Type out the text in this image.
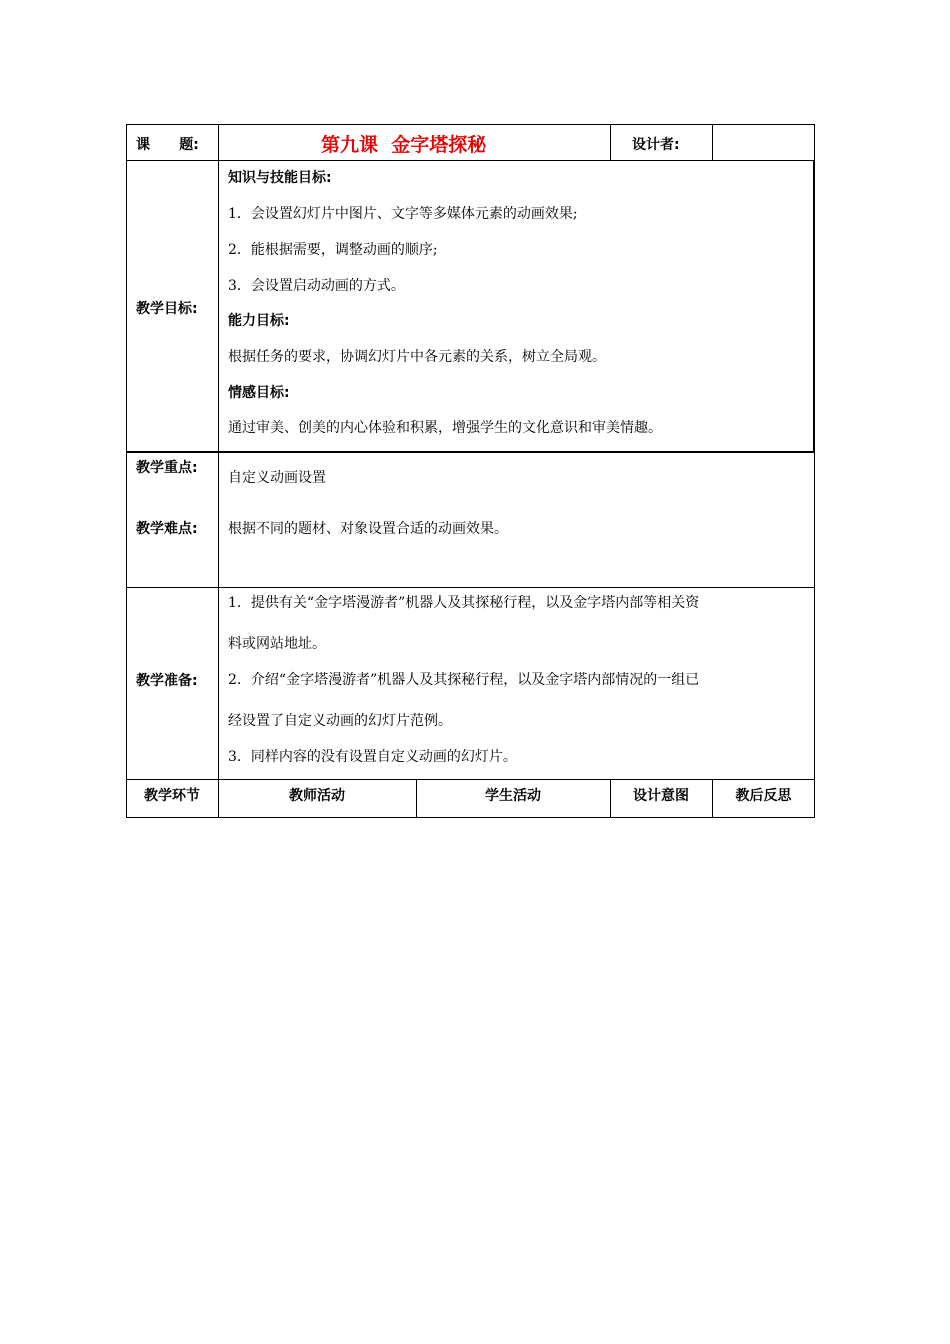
课      题:	第九课  金字塔探秘	设计者:
教学目标:
知识与技能目标:
1．会设置幻灯片中图片、文字等多媒体元素的动画效果;
2．能根据需要，调整动画的顺序;
3．会设置启动动画的方式。
能力目标:
根据任务的要求，协调幻灯片中各元素的关系，树立全局观。
情感目标:
通过审美、创美的内心体验和积累，增强学生的文化意识和审美情趣。
教学重点:
自定义动画设置
教学难点: 根据不同的题材、对象设置合适的动画效果。
教学准备:
1．提供有关“金字塔漫游者”机器人及其探秘行程，以及金字塔内部等相关资
料或网站地址。
2．介绍“金字塔漫游者”机器人及其探秘行程，以及金字塔内部情况的一组已
经设置了自定义动画的幻灯片范例。
3．同样内容的没有设置自定义动画的幻灯片。
教学环节	教师活动	学生活动	设计意图	教后反思
